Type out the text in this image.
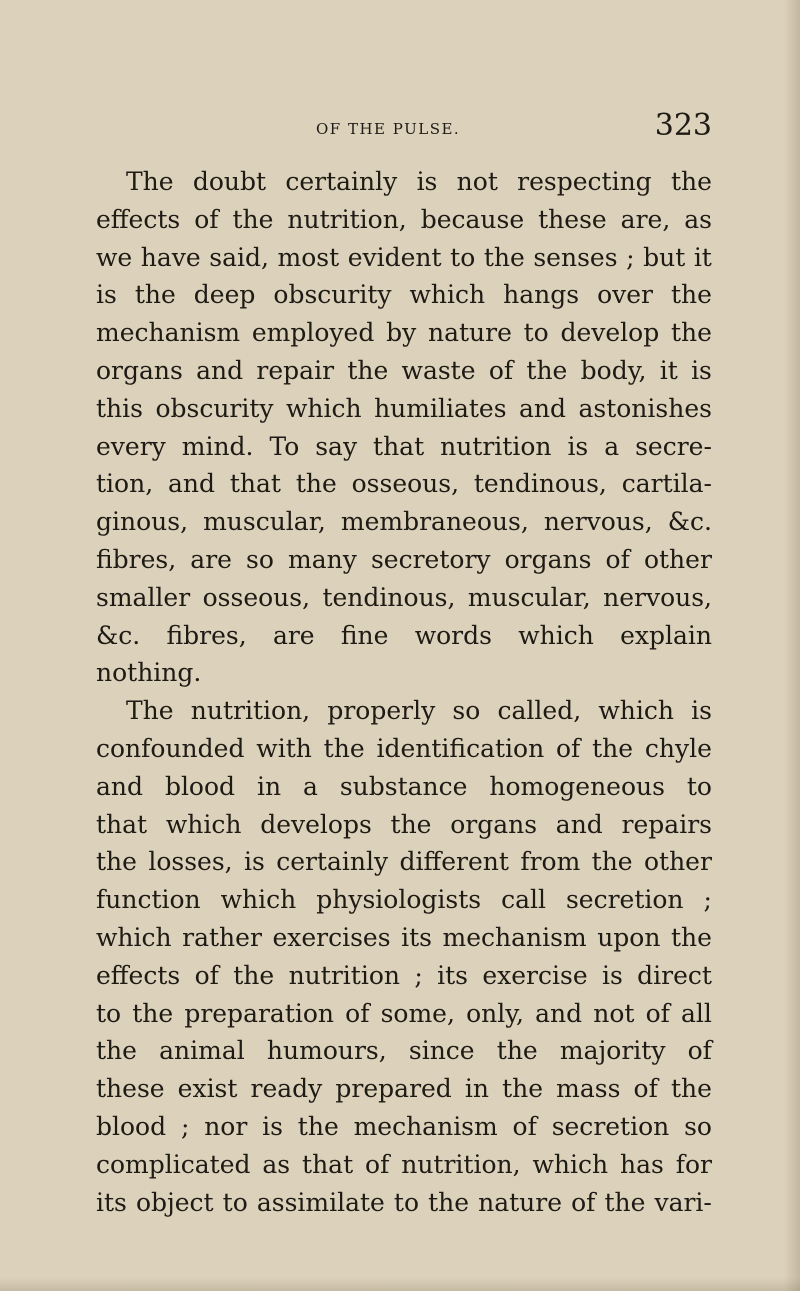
OF THE PULSE.	323
The doubt certainly is not respecting the
effects of the nutrition, because these are, as
we have said, most evident to the senses ; but it
is the deep obscurity which hangs over the
mechanism employed by nature to develop the
organs and repair the waste of the body, it is
this obscurity which humiliates and astonishes
every mind. To say that nutrition is a secre-
tion, and that the osseous, tendinous, cartila-
ginous, muscular, membraneous, nervous, &c.
fibres, are so many secretory organs of other
smaller osseous, tendinous, muscular, nervous,
&c. fibres, are fine words which explain
nothing.
The nutrition, properly so called, which is
confounded with the identification of the chyle
and blood in a substance homogeneous to
that which develops the organs and repairs
the losses, is certainly different from the other
function which physiologists call secretion ;
which rather exercises its mechanism upon the
effects of the nutrition ; its exercise is direct
to the preparation of some, only, and not of all
the animal humours, since the majority of
these exist ready prepared in the mass of the
blood ; nor is the mechanism of secretion so
complicated as that of nutrition, which has for
its object to assimilate to the nature of the vari-
